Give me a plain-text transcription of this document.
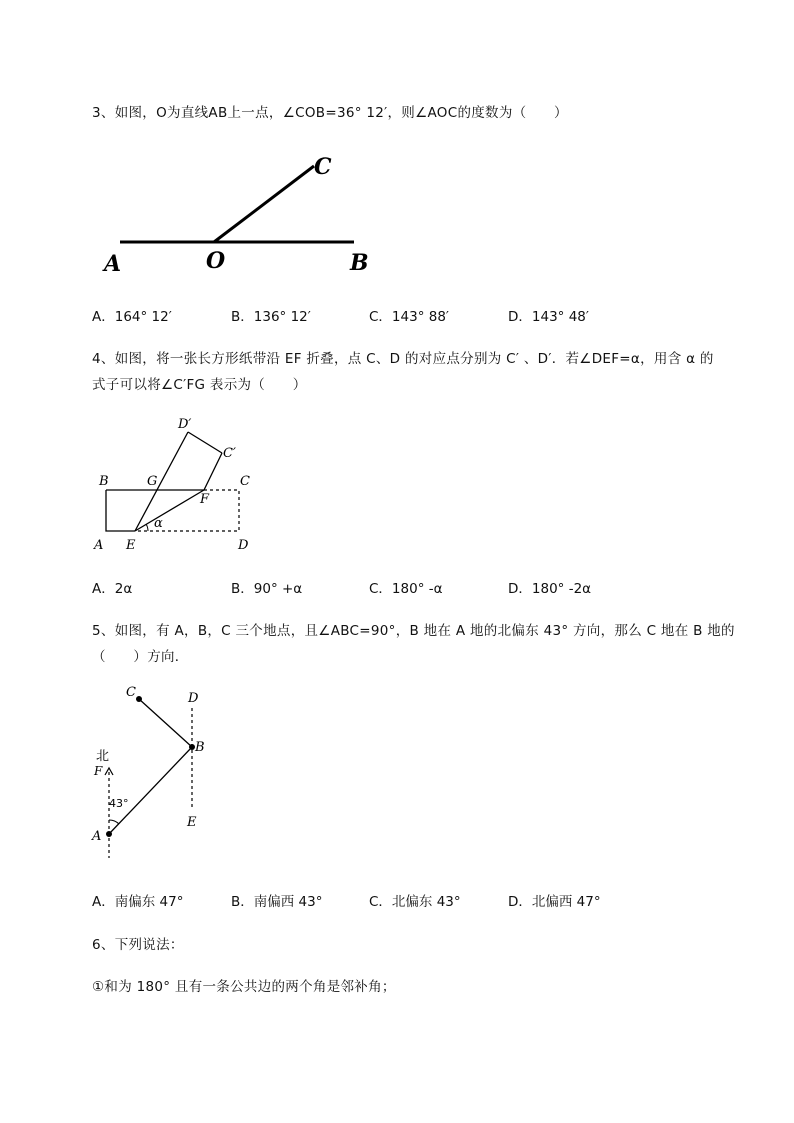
3、如图，O为直线AB上一点，∠COB=36° 12′，则∠AOC的度数为（　　）
A	O	B
C
A．164° 12′	B．136° 12′	C．143° 88′	D．143° 48′
4、如图，将一张长方形纸带沿 EF 折叠，点 C、D 的对应点分别为 C′ 、D′．若∠DEF=α，用含 α 的
式子可以将∠C′FG 表示为（　　）
A
B	C
D
E
F
G
C′
D′
α
A．2α	B．90° +α	C．180° -α	D．180° -2α
5、如图，有 A，B，C 三个地点，且∠ABC=90°，B 地在 A 地的北偏东 43° 方向，那么 C 地在 B 地的
（　　）方向．
C	D
B
北
F
43°
A
E
A．南偏东 47°	B．南偏西 43°	C．北偏东 43°	D．北偏西 47°
6、下列说法：
①和为 180° 且有一条公共边的两个角是邻补角；
